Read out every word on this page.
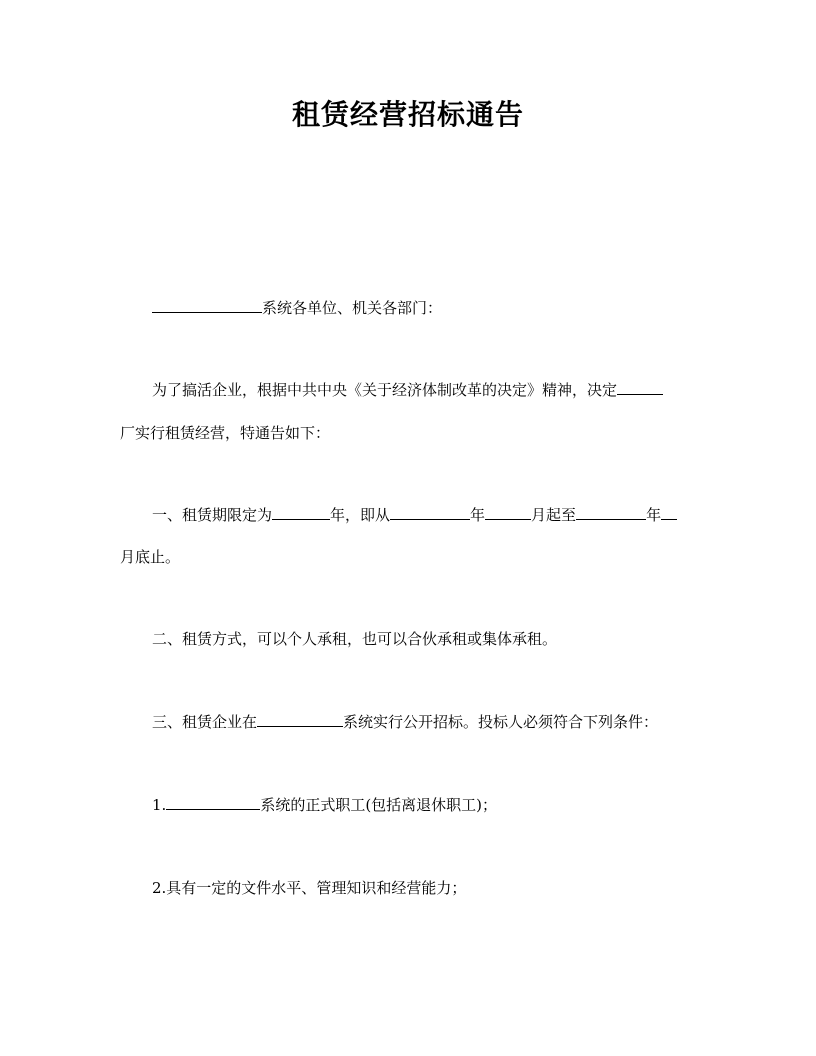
租赁经营招标通告
系统各单位、机关各部门：
为了搞活企业，根据中共中央《关于经济体制改革的决定》精神，决定
厂实行租赁经营，特通告如下：
一、租赁期限定为	年，即从	年	月起至	年
月底止。
二、租赁方式，可以个人承租，也可以合伙承租或集体承租。
三、租赁企业在	系统实行公开招标。投标人必须符合下列条件：
1.	系统的正式职工(包括离退休职工)；
2.具有一定的文件水平、管理知识和经营能力；
